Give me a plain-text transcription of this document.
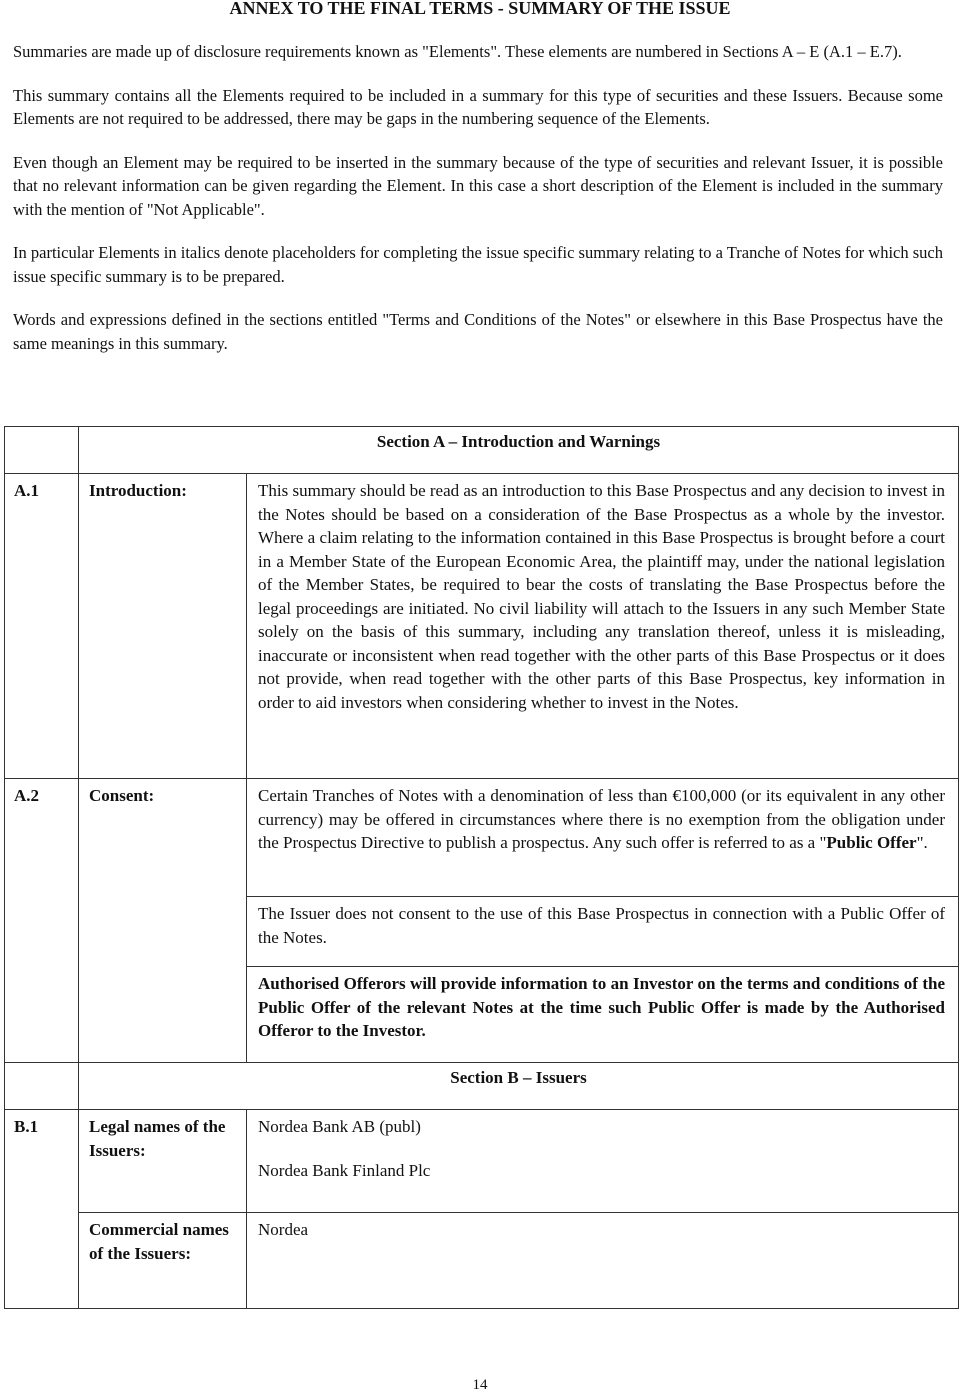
ANNEX TO THE FINAL TERMS - SUMMARY OF THE ISSUE

Summaries are made up of disclosure requirements known as "Elements". These elements are numbered in Sections A – E (A.1 – E.7).

This summary contains all the Elements required to be included in a summary for this type of securities and these Issuers. Because some Elements are not required to be addressed, there may be gaps in the numbering sequence of the Elements.

Even though an Element may be required to be inserted in the summary because of the type of securities and relevant Issuer, it is possible that no relevant information can be given regarding the Element. In this case a short description of the Element is included in the summary with the mention of "Not Applicable".

In particular Elements in italics denote placeholders for completing the issue specific summary relating to a Tranche of Notes for which such issue specific summary is to be prepared.

Words and expressions defined in the sections entitled "Terms and Conditions of the Notes" or elsewhere in this Base Prospectus have the same meanings in this summary.

	Section A – Introduction and Warnings	
A.1	Introduction:	This summary should be read as an introduction to this Base Prospectus and any decision to invest in the Notes should be based on a consideration of the Base Prospectus as a whole by the investor. Where a claim relating to the information contained in this Base Prospectus is brought before a court in a Member State of the European Economic Area, the plaintiff may, under the national legislation of the Member States, be required to bear the costs of translating the Base Prospectus before the legal proceedings are initiated. No civil liability will attach to the Issuers in any such Member State solely on the basis of this summary, including any translation thereof, unless it is misleading, inaccurate or inconsistent when read together with the other parts of this Base Prospectus or it does not provide, when read together with the other parts of this Base Prospectus, key information in order to aid investors when considering whether to invest in the Notes.

A.2	Consent:	Certain Tranches of Notes with a denomination of less than €100,000 (or its equivalent in any other currency) may be offered in circumstances where there is no exemption from the obligation under the Prospectus Directive to publish a prospectus. Any such offer is referred to as a "Public Offer".

		The Issuer does not consent to the use of this Base Prospectus in connection with a Public Offer of the Notes.

		Authorised Offerors will provide information to an Investor on the terms and conditions of the Public Offer of the relevant Notes at the time such Public Offer is made by the Authorised Offeror to the Investor.

	Section B – Issuers	
B.1	Legal names of the Issuers:	Nordea Bank AB (publ)

Nordea Bank Finland Plc

	Commercial names of the Issuers:	Nordea

14
